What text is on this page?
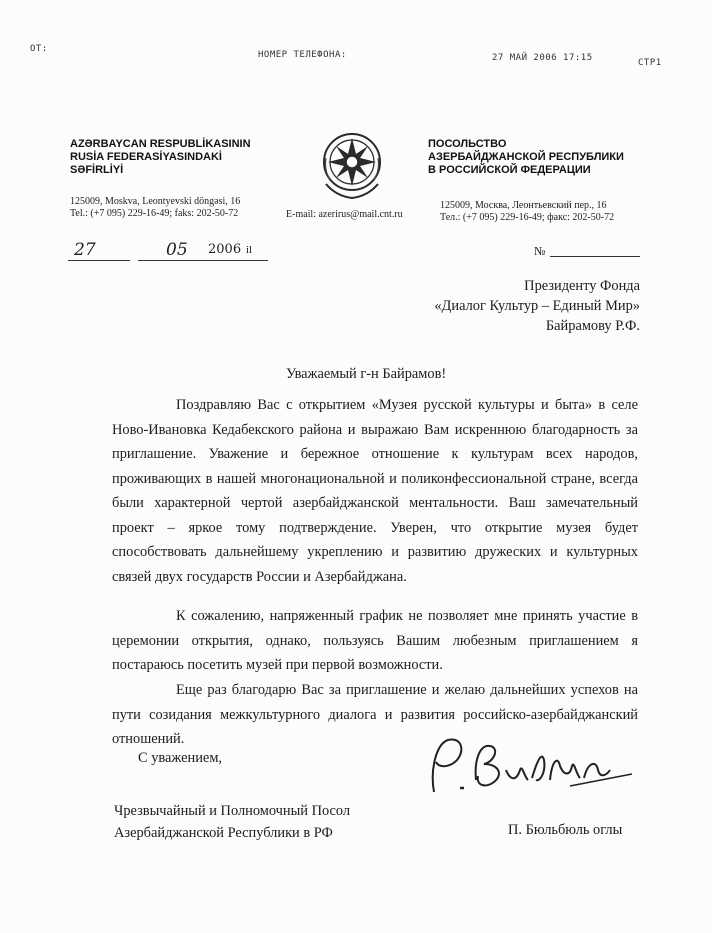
ОТ:
НОМЕР ТЕЛЕФОНА:	27 МАЙ 2006 17:15	СТР1
AZƏRBAYCAN RESPUBLİKASININ
RUSİA FEDERASİYASINDAKİ
SƏFİRLİYİ
125009, Moskva, Leontyevski döngəsi, 16
Tel.: (+7 095) 229-16-49; faks: 202-50-72	E-mail: azerirus@mail.cnt.ru
ПОСОЛЬСТВО
АЗЕРБАЙДЖАНСКОЙ РЕСПУБЛИКИ
В РОССИЙСКОЙ ФЕДЕРАЦИИ
125009, Москва, Леонтьевский пер., 16
Тел.: (+7 095) 229-16-49; факс: 202-50-72
27	05 2006 il	№
Президенту Фонда
«Диалог Культур – Единый Мир»
Байрамову Р.Ф.
Уважаемый г-н Байрамов!
Поздравляю Вас с открытием «Музея русской культуры и быта» в селе Ново-Ивановка Кедабекского района и выражаю Вам искреннюю благодарность за приглашение. Уважение и бережное отношение к культурам всех народов, проживающих в нашей многонациональной и поликонфессиональной стране, всегда были характерной чертой азербайджанской ментальности. Ваш замечательный проект – яркое тому подтверждение. Уверен, что открытие музея будет способствовать дальнейшему укреплению и развитию дружеских и культурных связей двух государств России и Азербайджана.
К сожалению, напряженный график не позволяет мне принять участие в церемонии открытия, однако, пользуясь Вашим любезным приглашением я постараюсь посетить музей при первой возможности.
Еще раз благодарю Вас за приглашение и желаю дальнейших успехов на пути созидания межкультурного диалога и развития российско-азербайджанский отношений.
С уважением,
Чрезвычайный и Полномочный Посол
Азербайджанской Республики в РФ	П. Бюльбюль оглы
